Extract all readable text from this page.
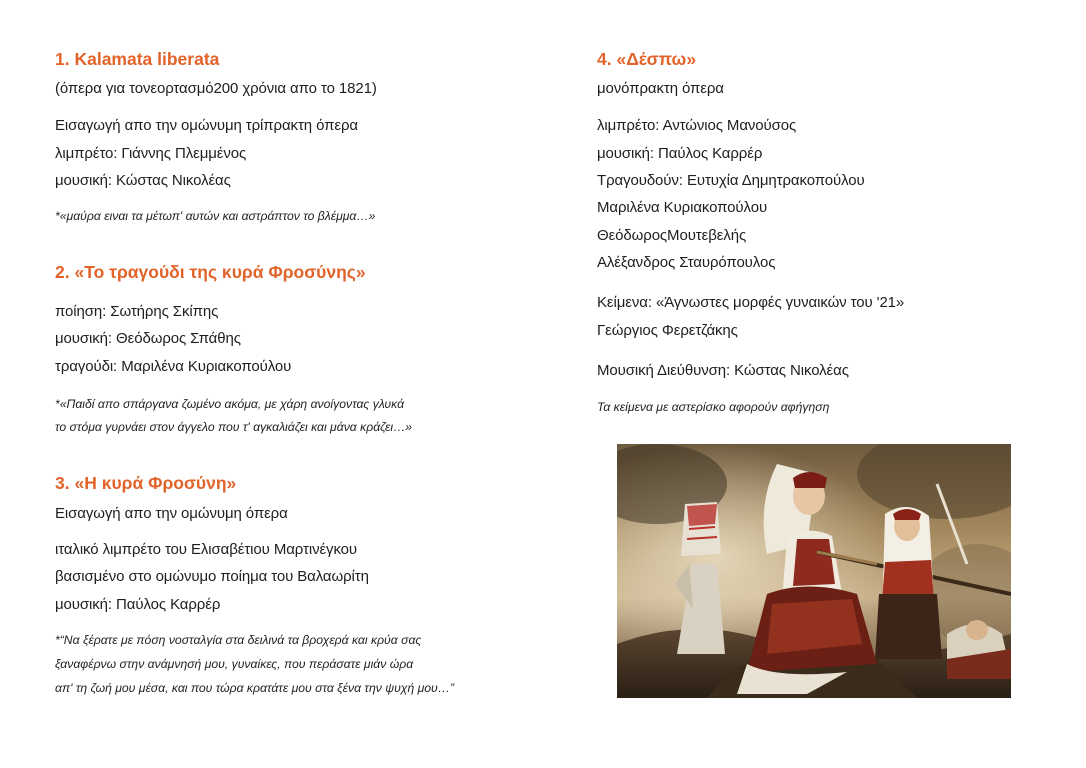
1. Kalamata liberata
(όπερα για τονεορτασμό200 χρόνια απο το 1821)
Εισαγωγή απο την ομώνυμη τρίπρακτη όπερα
λιμπρέτο: Γιάννης Πλεμμένος
μουσική: Κώστας Νικολέας
*«μαύρα ειναι τα μέτωπ' αυτών και αστράπτον το βλέμμα…»
2. «Το τραγούδι της κυρά Φροσύνης»
ποίηση: Σωτήρης Σκίπης
μουσική: Θεόδωρος Σπάθης
τραγούδι: Μαριλένα Κυριακοπούλου
*«Παιδί απο σπάργανα ζωμένο ακόμα, με χάρη ανοίγοντας γλυκά
το στόμα γυρνάει στον άγγελο που τ' αγκαλιάζει και μάνα κράζει…»
3. «Η κυρά Φροσύνη»
Εισαγωγή απο την ομώνυμη όπερα
ιταλικό λιμπρέτο του Ελισαβέτιου Μαρτινέγκου
βασισμένο στο ομώνυμο ποίημα του Βαλαωρίτη
μουσική: Παύλος Καρρέρ
*“Να ξέρατε με πόση νοσταλγία στα δειλινά τα βροχερά και κρύα σας
ξαναφέρνω στην ανάμνησή μου, γυναίκες, που περάσατε μιάν ώρα
απ' τη ζωή μου μέσα, και που τώρα κρατάτε μου στα ξένα την ψυχή μου…”
4. «Δέσπω»
μονόπρακτη όπερα
λιμπρέτο: Αντώνιος Μανούσος
μουσική: Παύλος Καρρέρ
Τραγουδούν: Ευτυχία Δημητρακοπούλου
Μαριλένα Κυριακοπούλου
ΘεόδωροςΜουτεβελής
Αλέξανδρος Σταυρόπουλος
Κείμενα: «Άγνωστες μορφές γυναικών του '21»
Γεώργιος Φερετζάκης
Μουσική Διεύθυνση: Κώστας Νικολέας
Τα κείμενα με αστερίσκο αφορούν αφήγηση
